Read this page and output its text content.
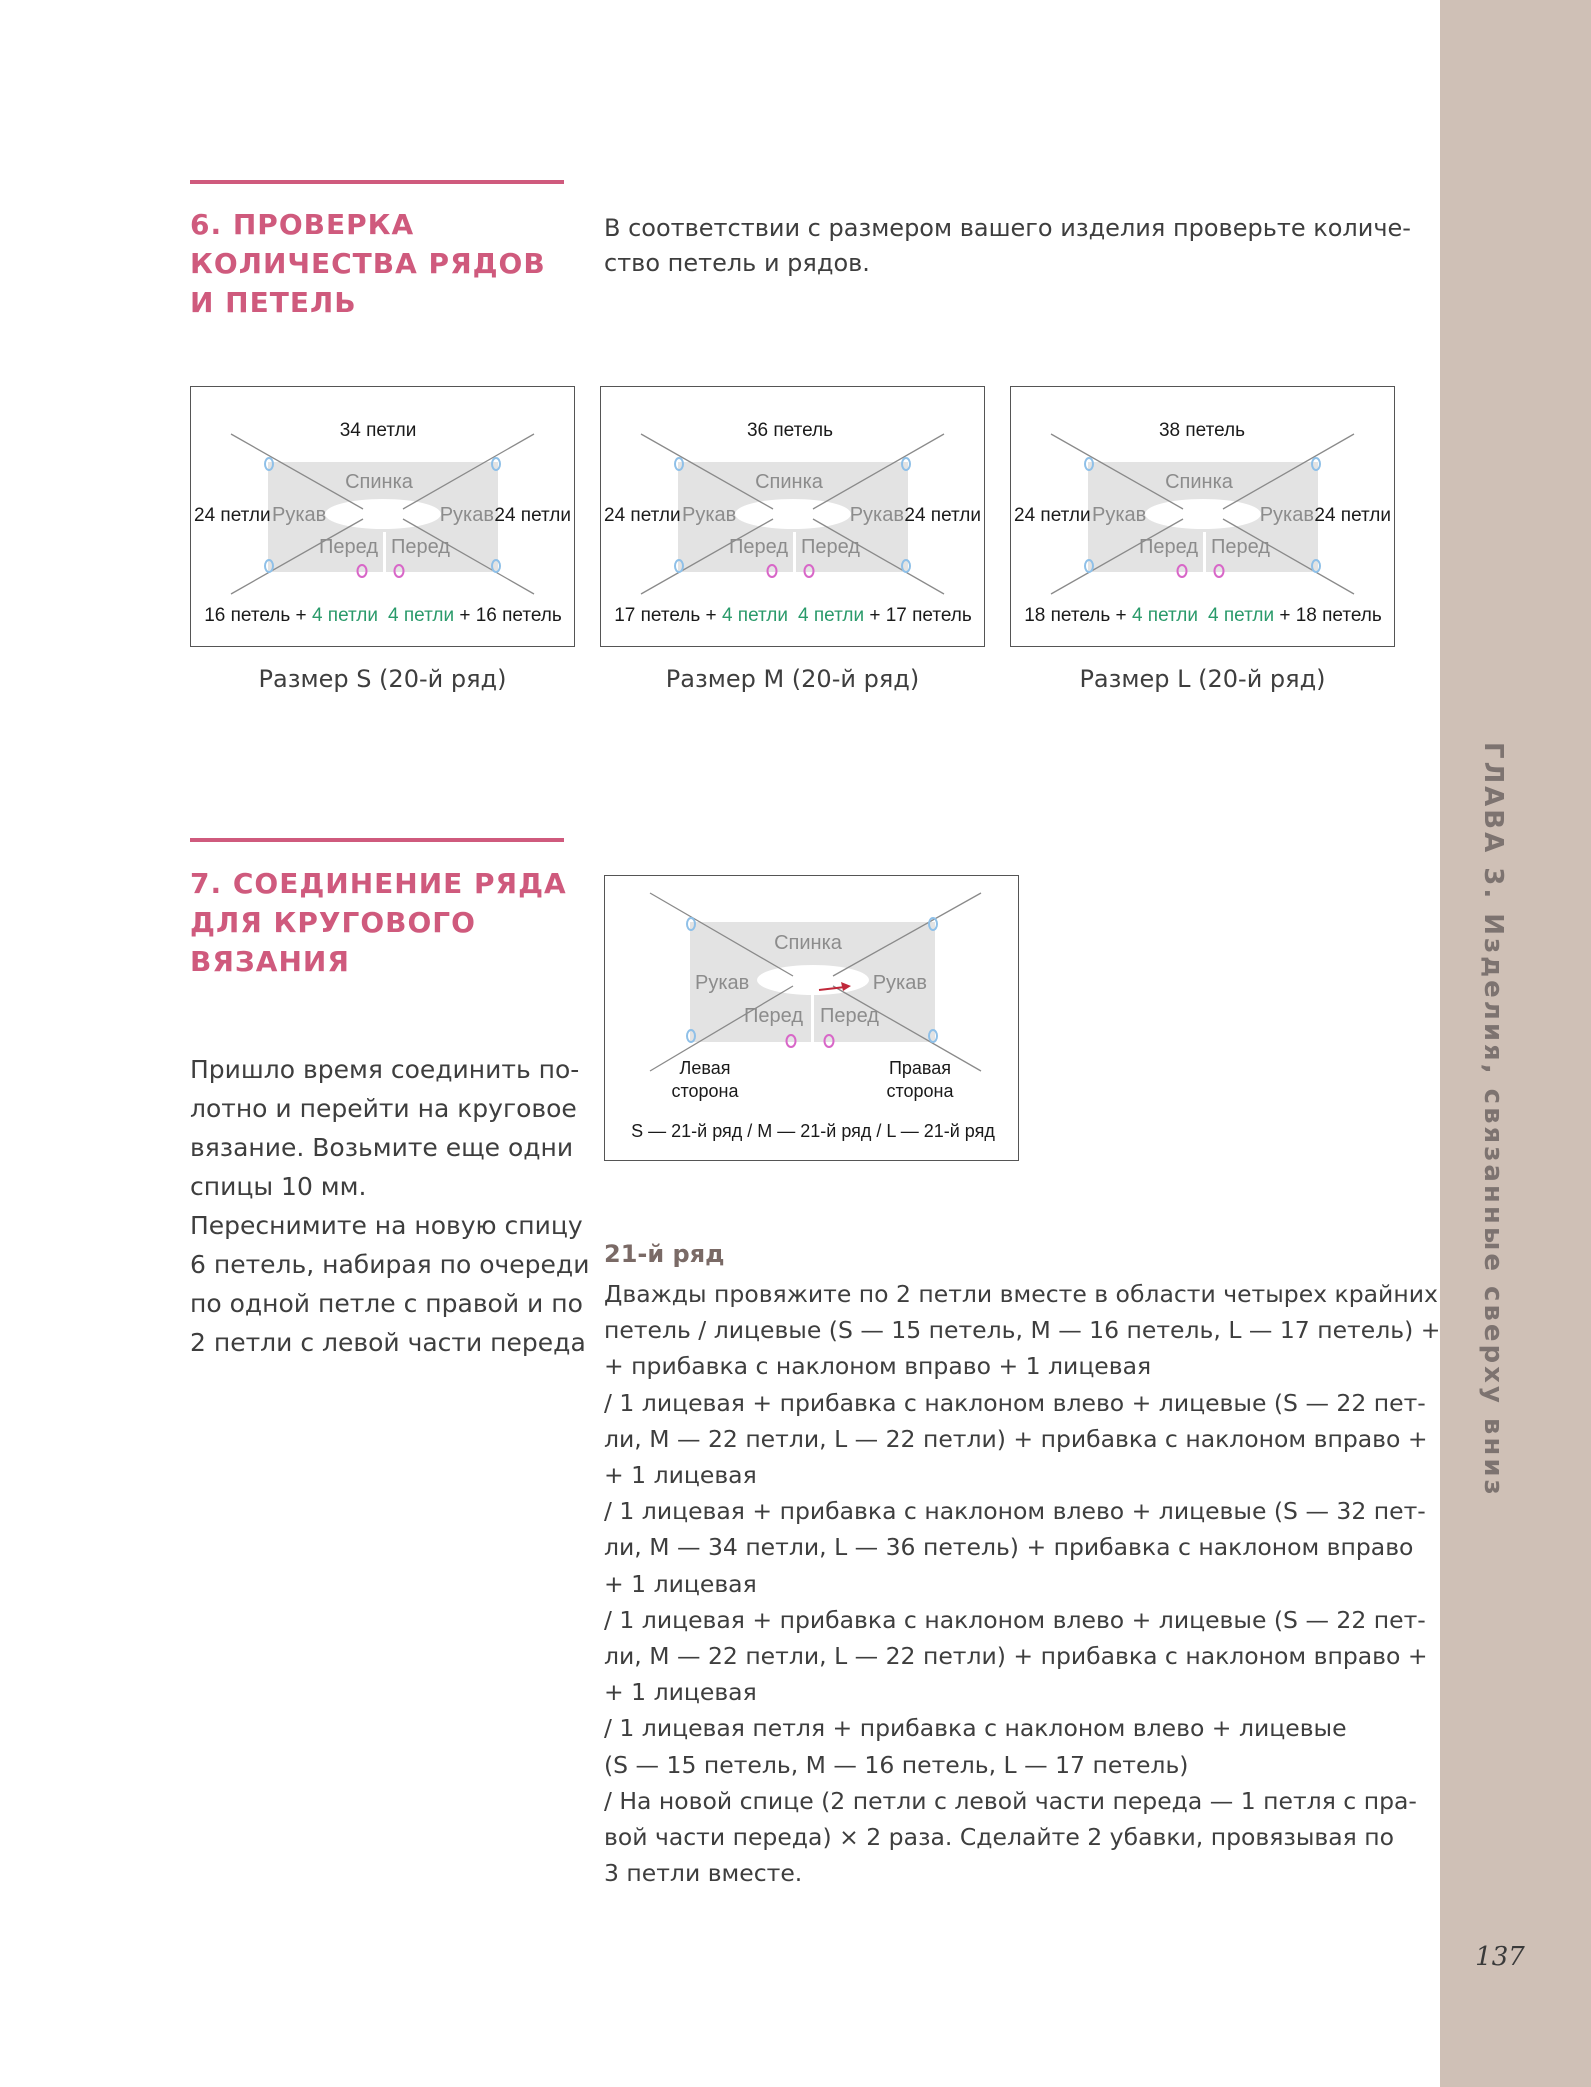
ГЛАВА 3. Изделия, связанные сверху вниз
137
6. ПРОВЕРКА
КОЛИЧЕСТВА РЯДОВ
И ПЕТЕЛЬ
В соответствии с размером вашего изделия проверьте количе-
ство петель и рядов.
34 петли
Спинка
24 петли Рукав	Рукав 24 петли
Перед Перед
16 петель + 4 петли 4 петли + 16 петель
Размер S (20-й ряд)
36 петель
Спинка
24 петли Рукав	Рукав 24 петли
Перед Перед
17 петель + 4 петли 4 петли + 17 петель
Размер M (20-й ряд)
38 петель
Спинка
24 петли Рукав	Рукав 24 петли
Перед Перед
18 петель + 4 петли 4 петли + 18 петель
Размер L (20-й ряд)
7. СОЕДИНЕНИЕ РЯДА
ДЛЯ КРУГОВОГО
ВЯЗАНИЯ
Пришло время соединить по-
лотно и перейти на круговое
вязание. Возьмите еще одни
спицы 10 мм.
Переснимите на новую спицу
6 петель, набирая по очереди
по одной петле с правой и по
2 петли с левой части переда
Спинка
Рукав	Рукав
Перед Перед
Левая
сторона
Правая
сторона
S — 21-й ряд / M — 21-й ряд / L — 21-й ряд
21-й ряд
Дважды провяжите по 2 петли вместе в области четырех крайних
петель / лицевые (S — 15 петель, M — 16 петель, L — 17 петель) +
+ прибавка с наклоном вправо + 1 лицевая
/ 1 лицевая + прибавка с наклоном влево + лицевые (S — 22 пет-
ли, M — 22 петли, L — 22 петли) + прибавка с наклоном вправо +
+ 1 лицевая
/ 1 лицевая + прибавка с наклоном влево + лицевые (S — 32 пет-
ли, M — 34 петли, L — 36 петель) + прибавка с наклоном вправо
+ 1 лицевая
/ 1 лицевая + прибавка с наклоном влево + лицевые (S — 22 пет-
ли, M — 22 петли, L — 22 петли) + прибавка с наклоном вправо +
+ 1 лицевая
/ 1 лицевая петля + прибавка с наклоном влево + лицевые
(S — 15 петель, M — 16 петель, L — 17 петель)
/ На новой спице (2 петли с левой части переда — 1 петля с пра-
вой части переда) × 2 раза. Сделайте 2 убавки, провязывая по
3 петли вместе.
